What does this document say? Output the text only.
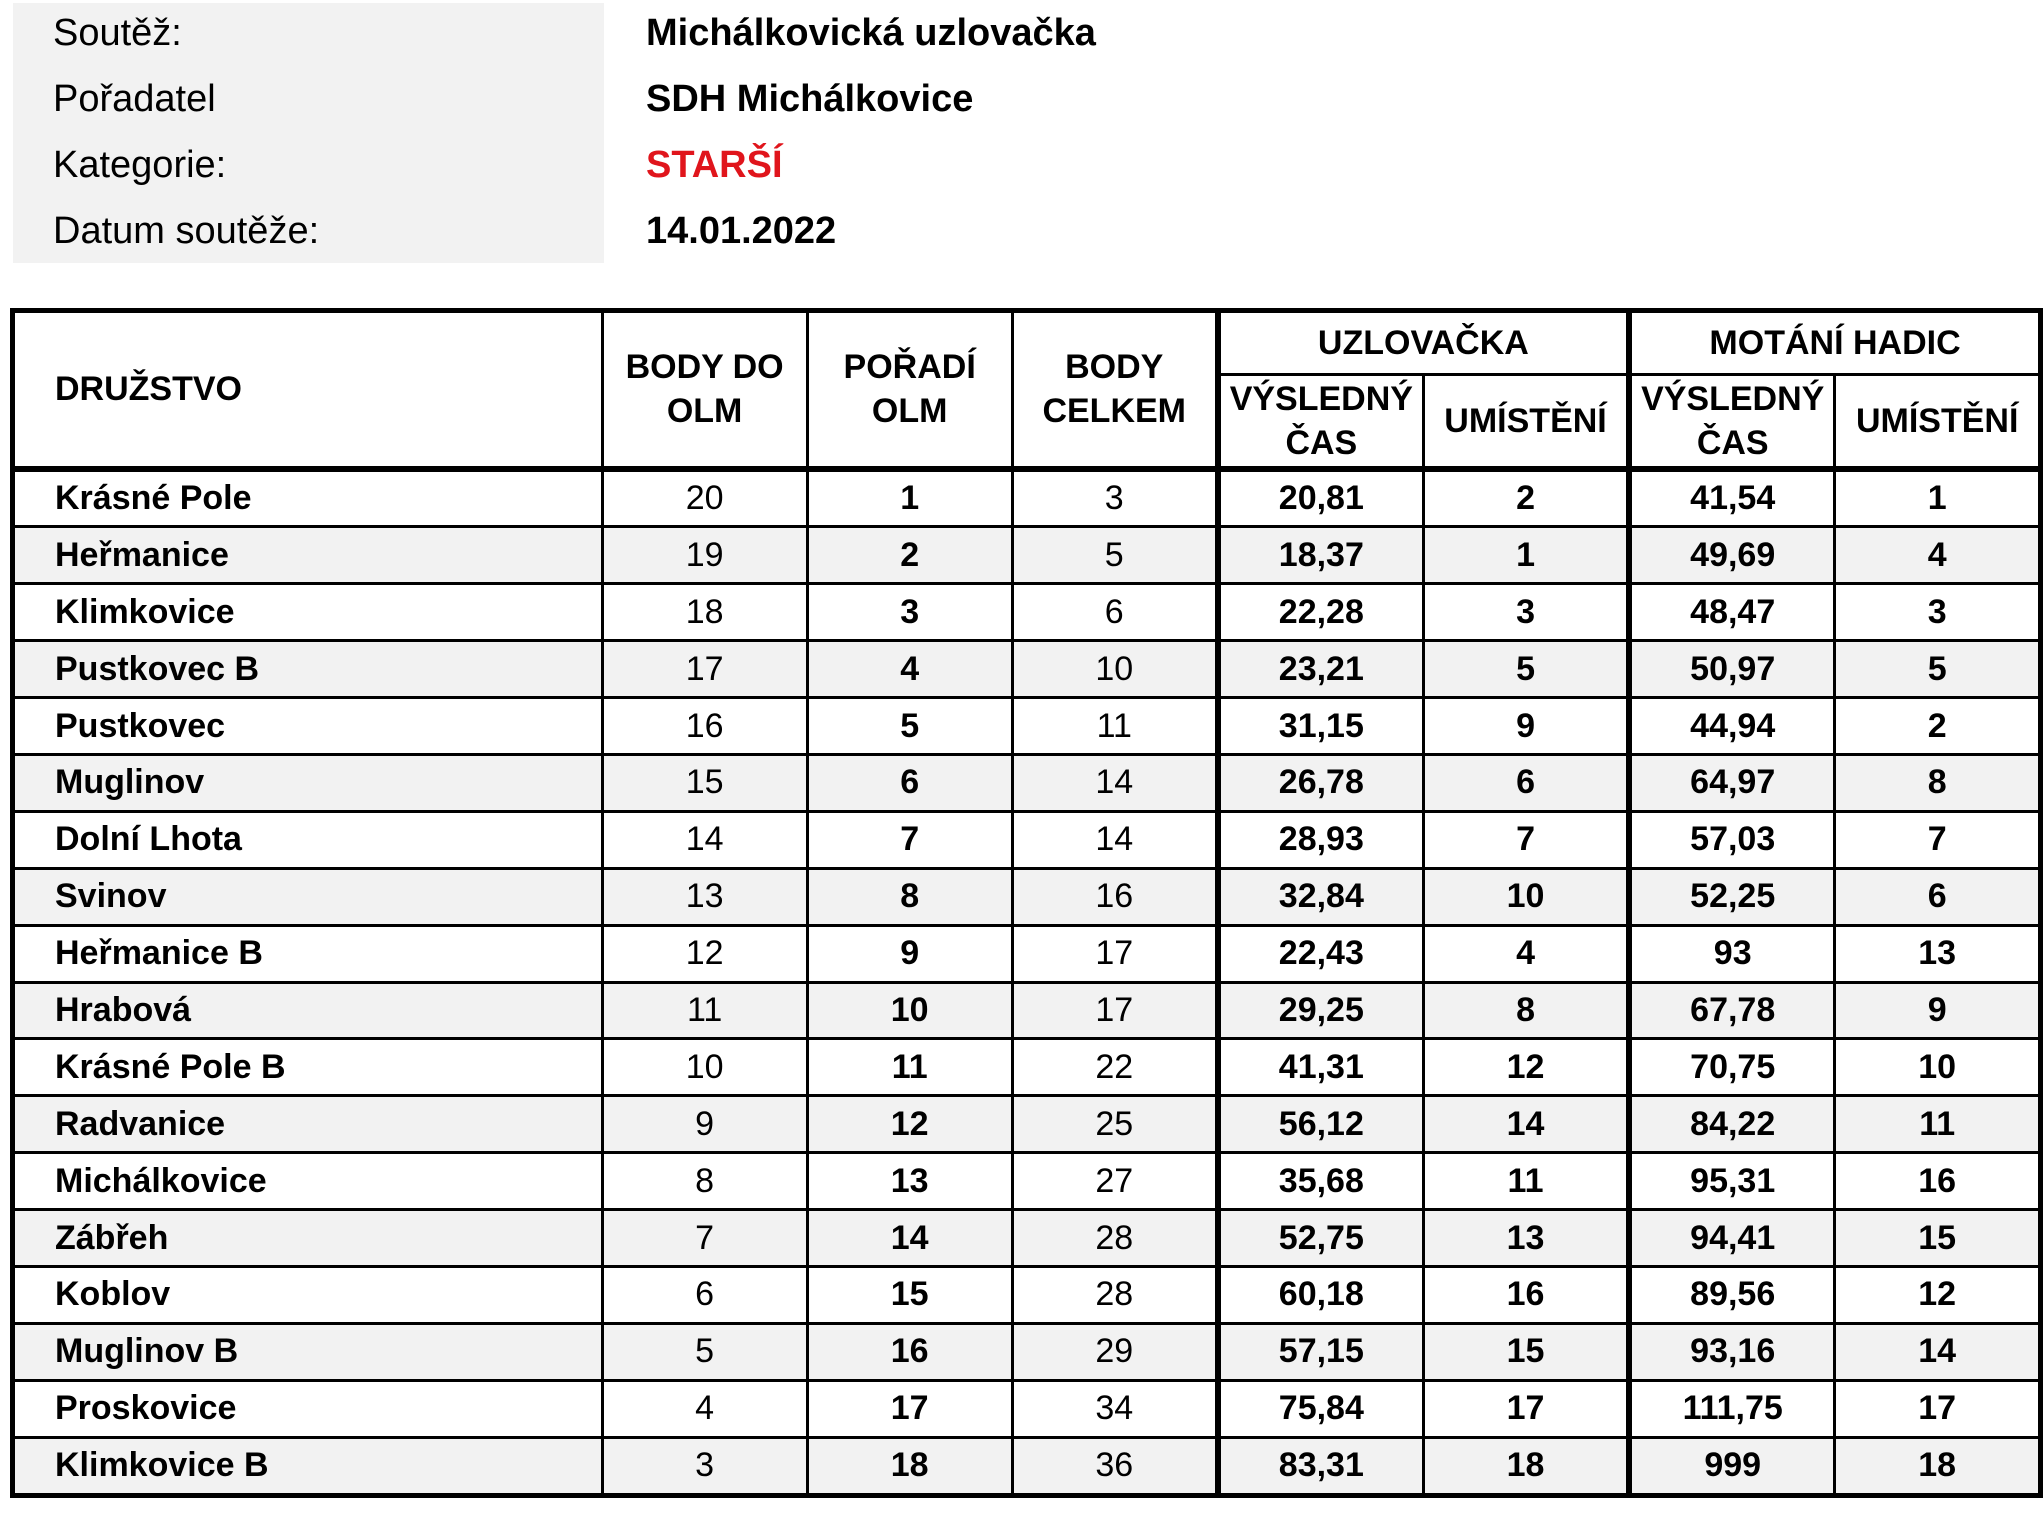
Soutěž:	Michálkovická uzlovačka
Pořadatel	SDH Michálkovice
Kategorie:	STARŠÍ
Datum soutěže:	14.01.2022
DRUŽSTVO	BODY DO OLM	POŘADÍ OLM	BODY CELKEM	UZLOVAČKA		MOTÁNÍ HADIC	
				VÝSLEDNÝ ČAS	UMÍSTĚNÍ	VÝSLEDNÝ ČAS	UMÍSTĚNÍ
Krásné Pole	20	1	3	20,81	2	41,54	1
Heřmanice	19	2	5	18,37	1	49,69	4
Klimkovice	18	3	6	22,28	3	48,47	3
Pustkovec B	17	4	10	23,21	5	50,97	5
Pustkovec	16	5	11	31,15	9	44,94	2
Muglinov	15	6	14	26,78	6	64,97	8
Dolní Lhota	14	7	14	28,93	7	57,03	7
Svinov	13	8	16	32,84	10	52,25	6
Heřmanice B	12	9	17	22,43	4	93	13
Hrabová	11	10	17	29,25	8	67,78	9
Krásné Pole B	10	11	22	41,31	12	70,75	10
Radvanice	9	12	25	56,12	14	84,22	11
Michálkovice	8	13	27	35,68	11	95,31	16
Zábřeh	7	14	28	52,75	13	94,41	15
Koblov	6	15	28	60,18	16	89,56	12
Muglinov B	5	16	29	57,15	15	93,16	14
Proskovice	4	17	34	75,84	17	111,75	17
Klimkovice B	3	18	36	83,31	18	999	18
